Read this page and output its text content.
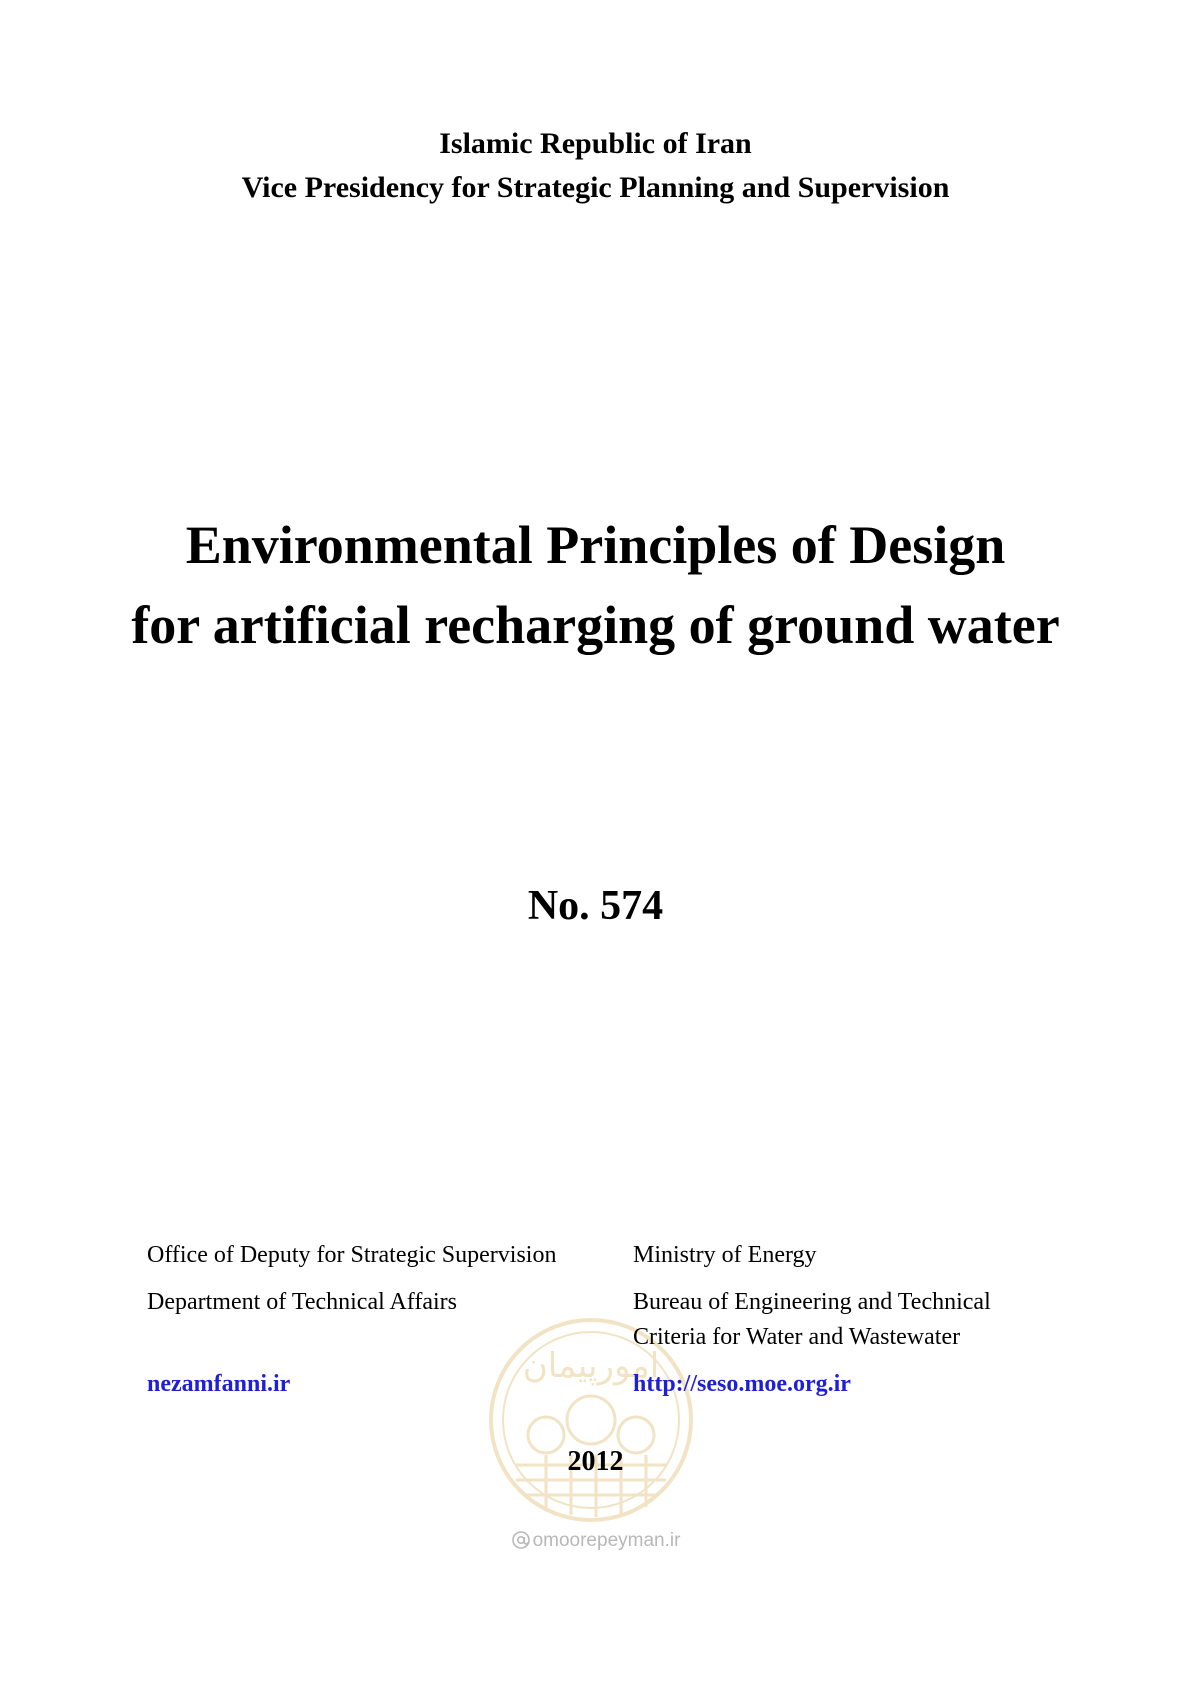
Islamic Republic of Iran
Vice Presidency for Strategic Planning and Supervision
Environmental Principles of Design
for artificial recharging of ground water
No. 574
امورپیمان
Office of Deputy for Strategic Supervision
Department of Technical Affairs

nezamfanni.ir
Ministry of Energy
Bureau of Engineering and Technical
Criteria for Water and Wastewater
http://seso.moe.org.ir
2012
omoorepeyman.ir
